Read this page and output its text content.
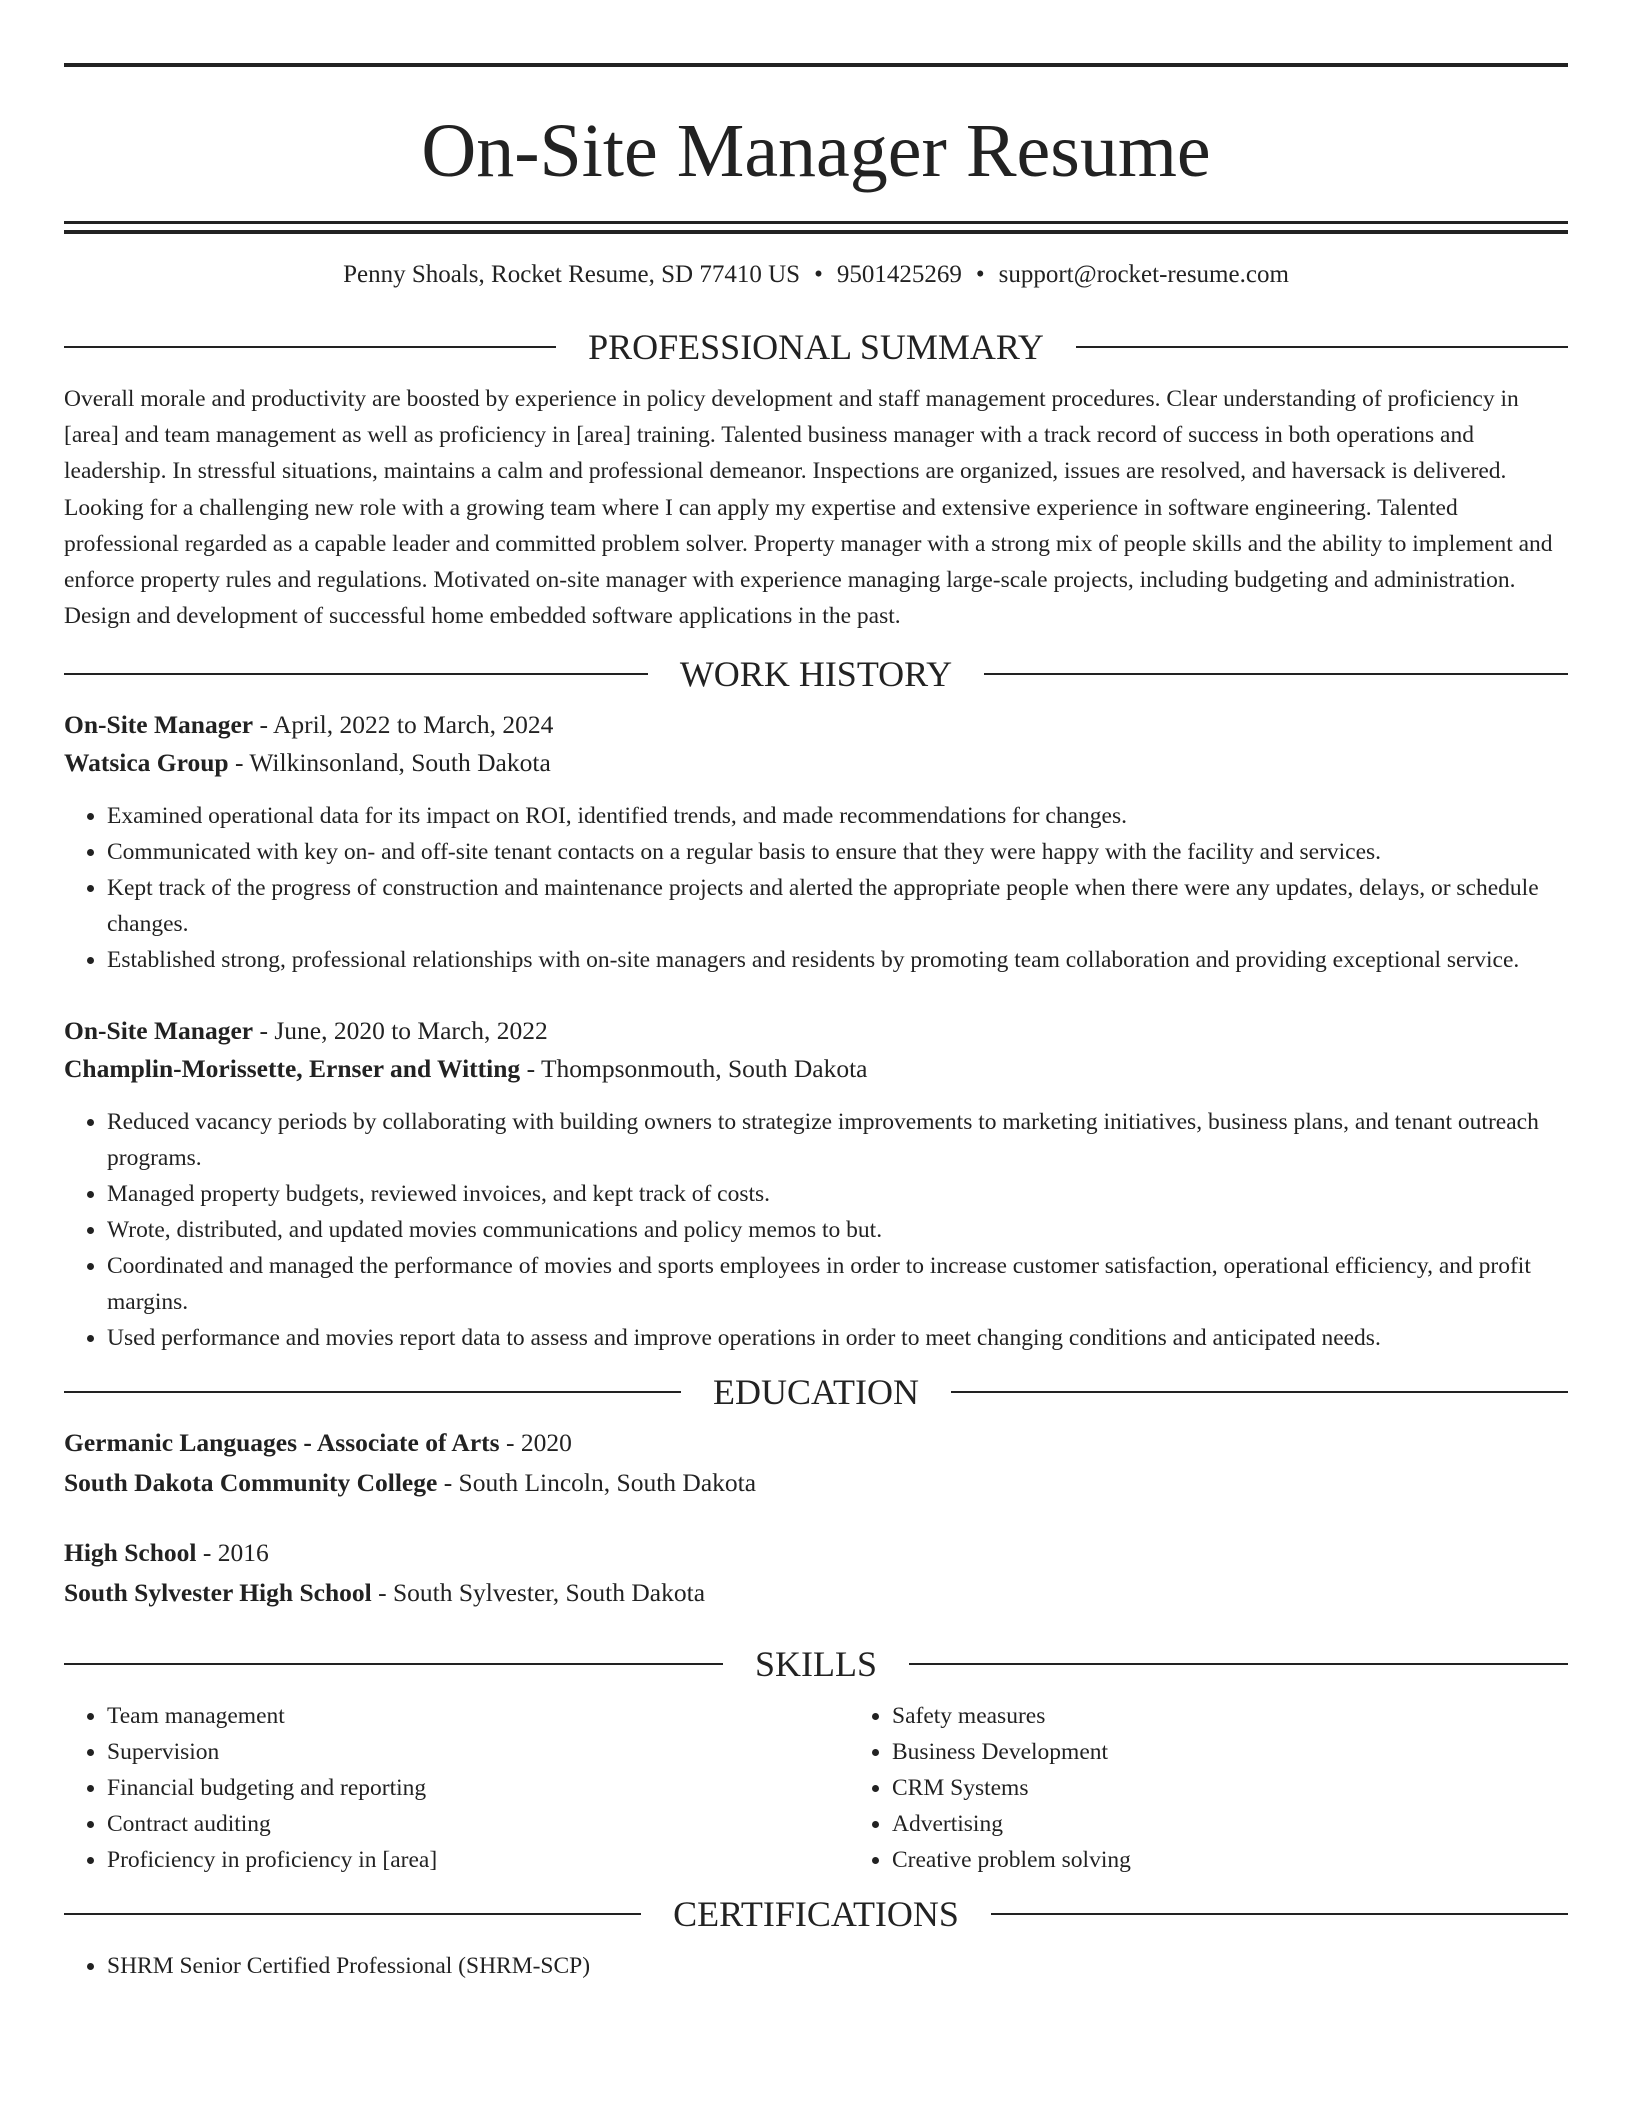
On-Site Manager Resume
Penny Shoals, Rocket Resume, SD 77410 US • 9501425269 • support@rocket-resume.com
PROFESSIONAL SUMMARY
Overall morale and productivity are boosted by experience in policy development and staff management procedures. Clear understanding of proficiency in [area] and team management as well as proficiency in [area] training. Talented business manager with a track record of success in both operations and leadership. In stressful situations, maintains a calm and professional demeanor. Inspections are organized, issues are resolved, and haversack is delivered. Looking for a challenging new role with a growing team where I can apply my expertise and extensive experience in software engineering. Talented professional regarded as a capable leader and committed problem solver. Property manager with a strong mix of people skills and the ability to implement and enforce property rules and regulations. Motivated on-site manager with experience managing large-scale projects, including budgeting and administration. Design and development of successful home embedded software applications in the past.
WORK HISTORY
On-Site Manager - April, 2022 to March, 2024
Watsica Group - Wilkinsonland, South Dakota
• Examined operational data for its impact on ROI, identified trends, and made recommendations for changes.
• Communicated with key on- and off-site tenant contacts on a regular basis to ensure that they were happy with the facility and services.
• Kept track of the progress of construction and maintenance projects and alerted the appropriate people when there were any updates, delays, or schedule changes.
• Established strong, professional relationships with on-site managers and residents by promoting team collaboration and providing exceptional service.
On-Site Manager - June, 2020 to March, 2022
Champlin-Morissette, Ernser and Witting - Thompsonmouth, South Dakota
• Reduced vacancy periods by collaborating with building owners to strategize improvements to marketing initiatives, business plans, and tenant outreach programs.
• Managed property budgets, reviewed invoices, and kept track of costs.
• Wrote, distributed, and updated movies communications and policy memos to but.
• Coordinated and managed the performance of movies and sports employees in order to increase customer satisfaction, operational efficiency, and profit margins.
• Used performance and movies report data to assess and improve operations in order to meet changing conditions and anticipated needs.
EDUCATION
Germanic Languages - Associate of Arts - 2020
South Dakota Community College - South Lincoln, South Dakota
High School - 2016
South Sylvester High School - South Sylvester, South Dakota
SKILLS
• Team management
• Supervision
• Financial budgeting and reporting
• Contract auditing
• Proficiency in proficiency in [area]
• Safety measures
• Business Development
• CRM Systems
• Advertising
• Creative problem solving
CERTIFICATIONS
• SHRM Senior Certified Professional (SHRM-SCP)
